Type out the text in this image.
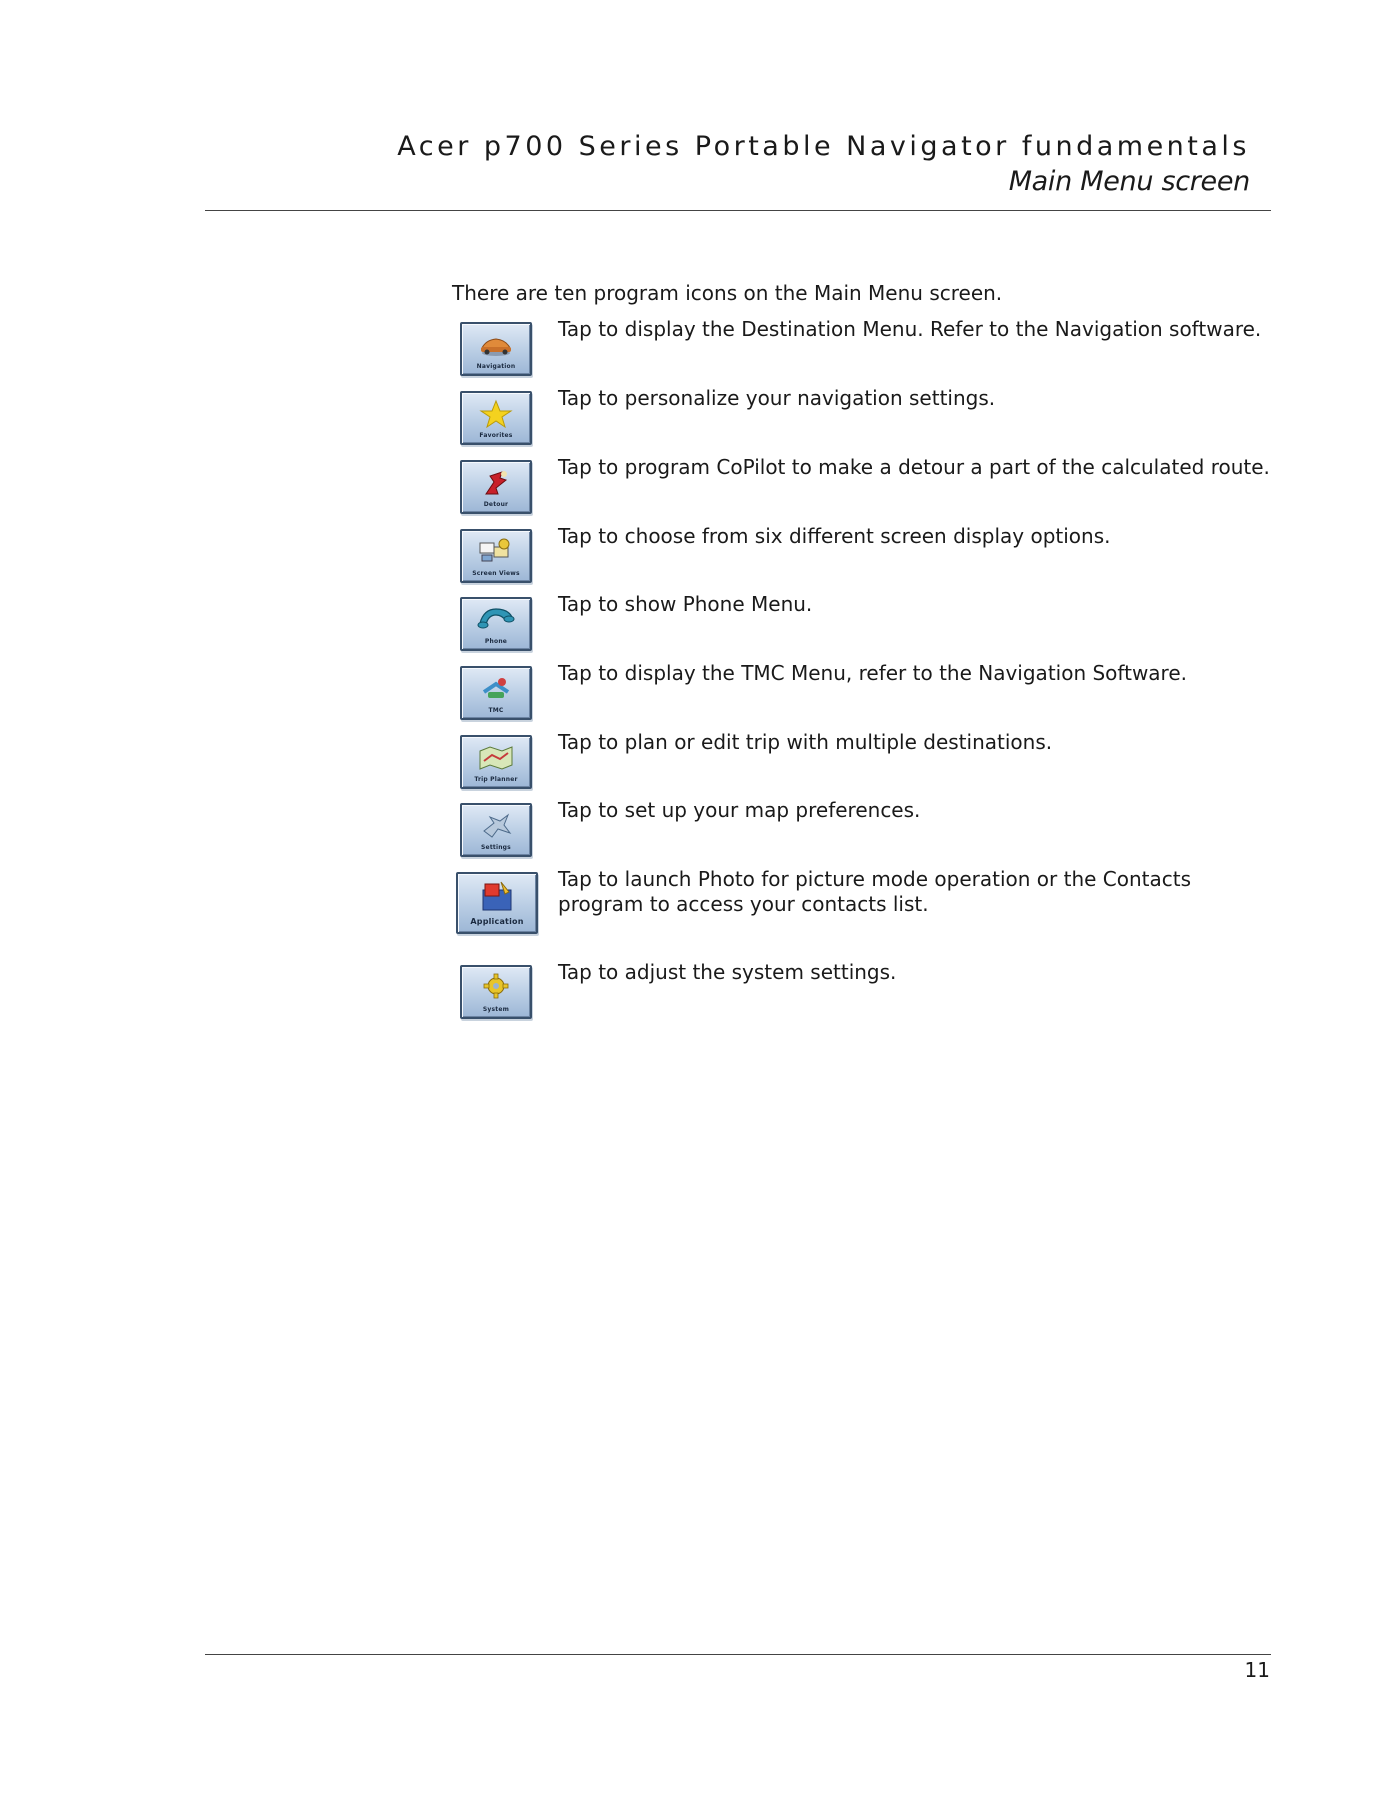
Acer p700 Series Portable Navigator fundamentals
Main Menu screen
There are ten program icons on the Main Menu screen.
Navigation
Tap to display the Destination Menu. Refer to the Navigation software.
Favorites
Tap to personalize your navigation settings.
Detour
Tap to program CoPilot to make a detour a part of the calculated route.
Screen Views
Tap to choose from six different screen display options.
Phone
Tap to show Phone Menu.
TMC
Tap to display the TMC Menu, refer to the Navigation Software.
Trip Planner
Tap to plan or edit trip with multiple destinations.
Settings
Tap to set up your map preferences.
Application
Tap to launch Photo for picture mode operation or the Contacts program to access your contacts list.
System
Tap to adjust the system settings.
11
